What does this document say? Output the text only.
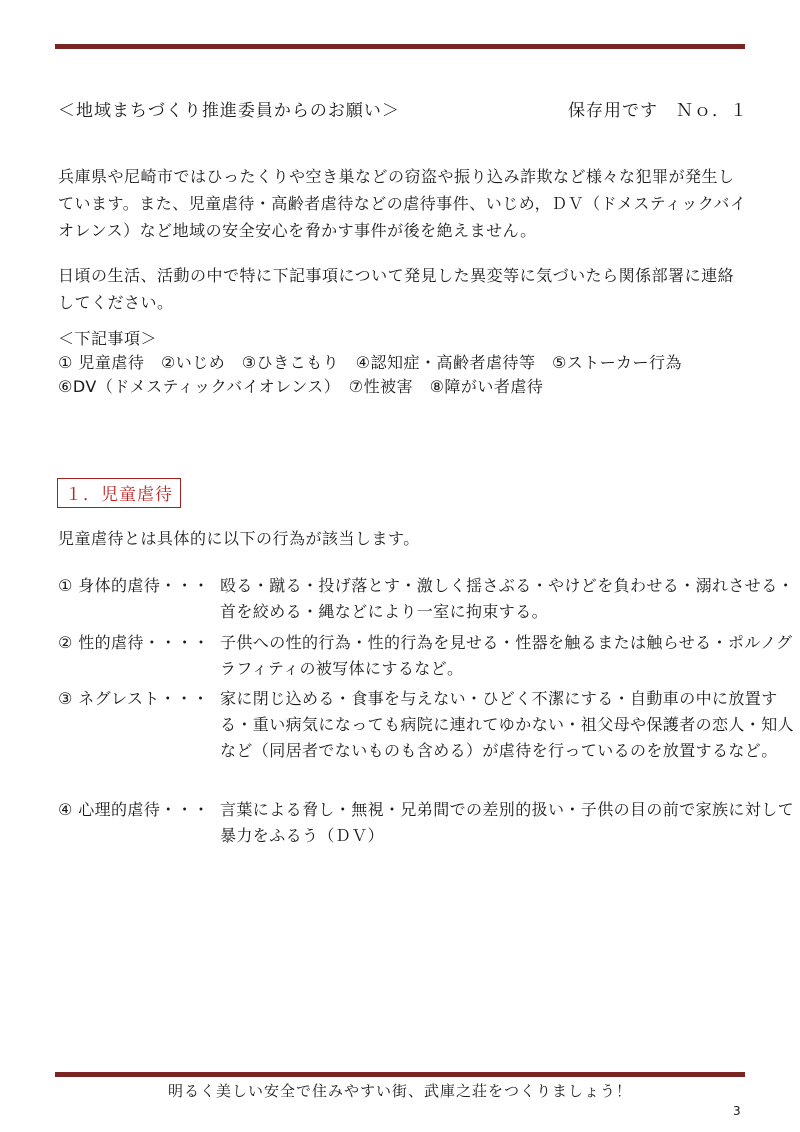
＜地域まちづくり推進委員からのお願い＞	保存用です　Ｎｏ．１
兵庫県や尼崎市ではひったくりや空き巣などの窃盗や振り込み詐欺など様々な犯罪が発生しています。また、児童虐待・高齢者虐待などの虐待事件、いじめ，ＤＶ（ドメスティックバイオレンス）など地域の安全安心を脅かす事件が後を絶えません。
日頃の生活、活動の中で特に下記事項について発見した異変等に気づいたら関係部署に連絡してください。
＜下記事項＞
① 児童虐待　②いじめ　③ひきこもり　④認知症・高齢者虐待等　⑤ストーカー行為
⑥DV（ドメスティックバイオレンス）　⑦性被害　⑧障がい者虐待
１．児童虐待
児童虐待とは具体的に以下の行為が該当します。
① 身体的虐待・・・ 殴る・蹴る・投げ落とす・激しく揺さぶる・やけどを負わせる・溺れさせる・首を絞める・縄などにより一室に拘束する。
② 性的虐待・・・・ 子供への性的行為・性的行為を見せる・性器を触るまたは触らせる・ポルノグラフィティの被写体にするなど。
③ ネグレスト・・・ 家に閉じ込める・食事を与えない・ひどく不潔にする・自動車の中に放置する・重い病気になっても病院に連れてゆかない・祖父母や保護者の恋人・知人など（同居者でないものも含める）が虐待を行っているのを放置するなど。
④ 心理的虐待・・・ 言葉による脅し・無視・兄弟間での差別的扱い・子供の目の前で家族に対して暴力をふるう（ＤＶ）
明るく美しい安全で住みやすい街、武庫之荘をつくりましょう！
3
